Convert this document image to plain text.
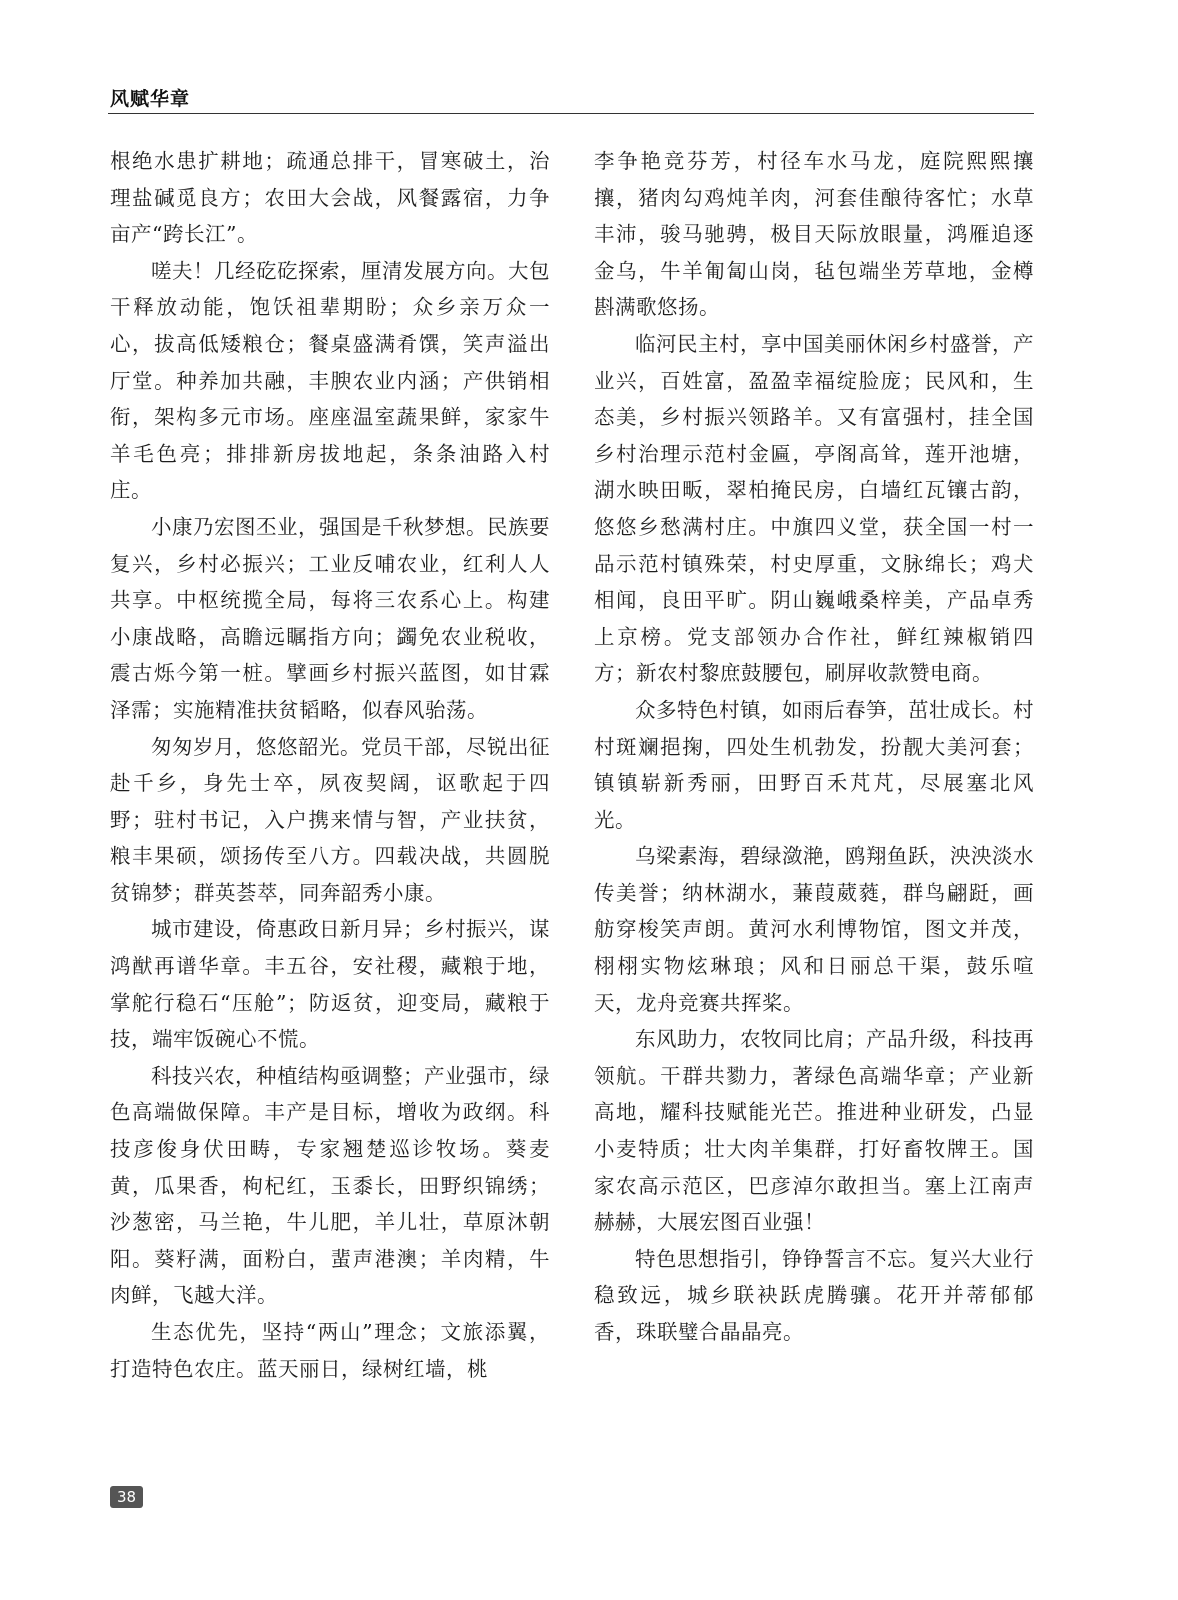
风赋华章

根绝水患扩耕地；疏通总排干，冒寒破土，治理盐碱觅良方；农田大会战，风餐露宿，力争亩产“跨长江”。

嗟夫！几经矻矻探索，厘清发展方向。大包干释放动能，饱饫祖辈期盼；众乡亲万众一心，拔高低矮粮仓；餐桌盛满肴馔，笑声溢出厅堂。种养加共融，丰腴农业内涵；产供销相衔，架构多元市场。座座温室蔬果鲜，家家牛羊毛色亮；排排新房拔地起，条条油路入村庄。

小康乃宏图丕业，强国是千秋梦想。民族要复兴，乡村必振兴；工业反哺农业，红利人人共享。中枢统揽全局，每将三农系心上。构建小康战略，高瞻远瞩指方向；蠲免农业税收，震古烁今第一桩。擘画乡村振兴蓝图，如甘霖泽霈；实施精准扶贫韬略，似春风骀荡。

匆匆岁月，悠悠韶光。党员干部，尽锐出征赴千乡，身先士卒，夙夜契阔，讴歌起于四野；驻村书记，入户携来情与智，产业扶贫，粮丰果硕，颂扬传至八方。四载决战，共圆脱贫锦梦；群英荟萃，同奔韶秀小康。

城市建设，倚惠政日新月异；乡村振兴，谋鸿猷再谱华章。丰五谷，安社稷，藏粮于地，掌舵行稳石“压舱”；防返贫，迎变局，藏粮于技，端牢饭碗心不慌。

科技兴农，种植结构亟调整；产业强市，绿色高端做保障。丰产是目标，增收为政纲。科技彦俊身伏田畴，专家翘楚巡诊牧场。葵麦黄，瓜果香，枸杞红，玉黍长，田野织锦绣；沙葱密，马兰艳，牛儿肥，羊儿壮，草原沐朝阳。葵籽满，面粉白，蜚声港澳；羊肉精，牛肉鲜，飞越大洋。

生态优先，坚持“两山”理念；文旅添翼，打造特色农庄。蓝天丽日，绿树红墙，桃

李争艳竞芬芳，村径车水马龙，庭院熙熙攘攘，猪肉勾鸡炖羊肉，河套佳酿待客忙；水草丰沛，骏马驰骋，极目天际放眼量，鸿雁追逐金乌，牛羊匍匐山岗，毡包端坐芳草地，金樽斟满歌悠扬。

临河民主村，享中国美丽休闲乡村盛誉，产业兴，百姓富，盈盈幸福绽脸庞；民风和，生态美，乡村振兴领路羊。又有富强村，挂全国乡村治理示范村金匾，亭阁高耸，莲开池塘，湖水映田畈，翠柏掩民房，白墙红瓦镶古韵，悠悠乡愁满村庄。中旗四义堂，获全国一村一品示范村镇殊荣，村史厚重，文脉绵长；鸡犬相闻，良田平旷。阴山巍峨桑梓美，产品卓秀上京榜。党支部领办合作社，鲜红辣椒销四方；新农村黎庶鼓腰包，刷屏收款赞电商。

众多特色村镇，如雨后春笋，茁壮成长。村村斑斓挹掬，四处生机勃发，扮靓大美河套；镇镇崭新秀丽，田野百禾芃芃，尽展塞北风光。

乌梁素海，碧绿潋滟，鸥翔鱼跃，泱泱淡水传美誉；纳林湖水，蒹葭葳蕤，群鸟翩跹，画舫穿梭笑声朗。黄河水利博物馆，图文并茂，栩栩实物炫琳琅；风和日丽总干渠，鼓乐喧天，龙舟竞赛共挥桨。

东风助力，农牧同比肩；产品升级，科技再领航。干群共勠力，著绿色高端华章；产业新高地，耀科技赋能光芒。推进种业研发，凸显小麦特质；壮大肉羊集群，打好畜牧牌王。国家农高示范区，巴彦淖尔敢担当。塞上江南声赫赫，大展宏图百业强！

特色思想指引，铮铮誓言不忘。复兴大业行稳致远，城乡联袂跃虎腾骧。花开并蒂郁郁香，珠联璧合晶晶亮。

38
